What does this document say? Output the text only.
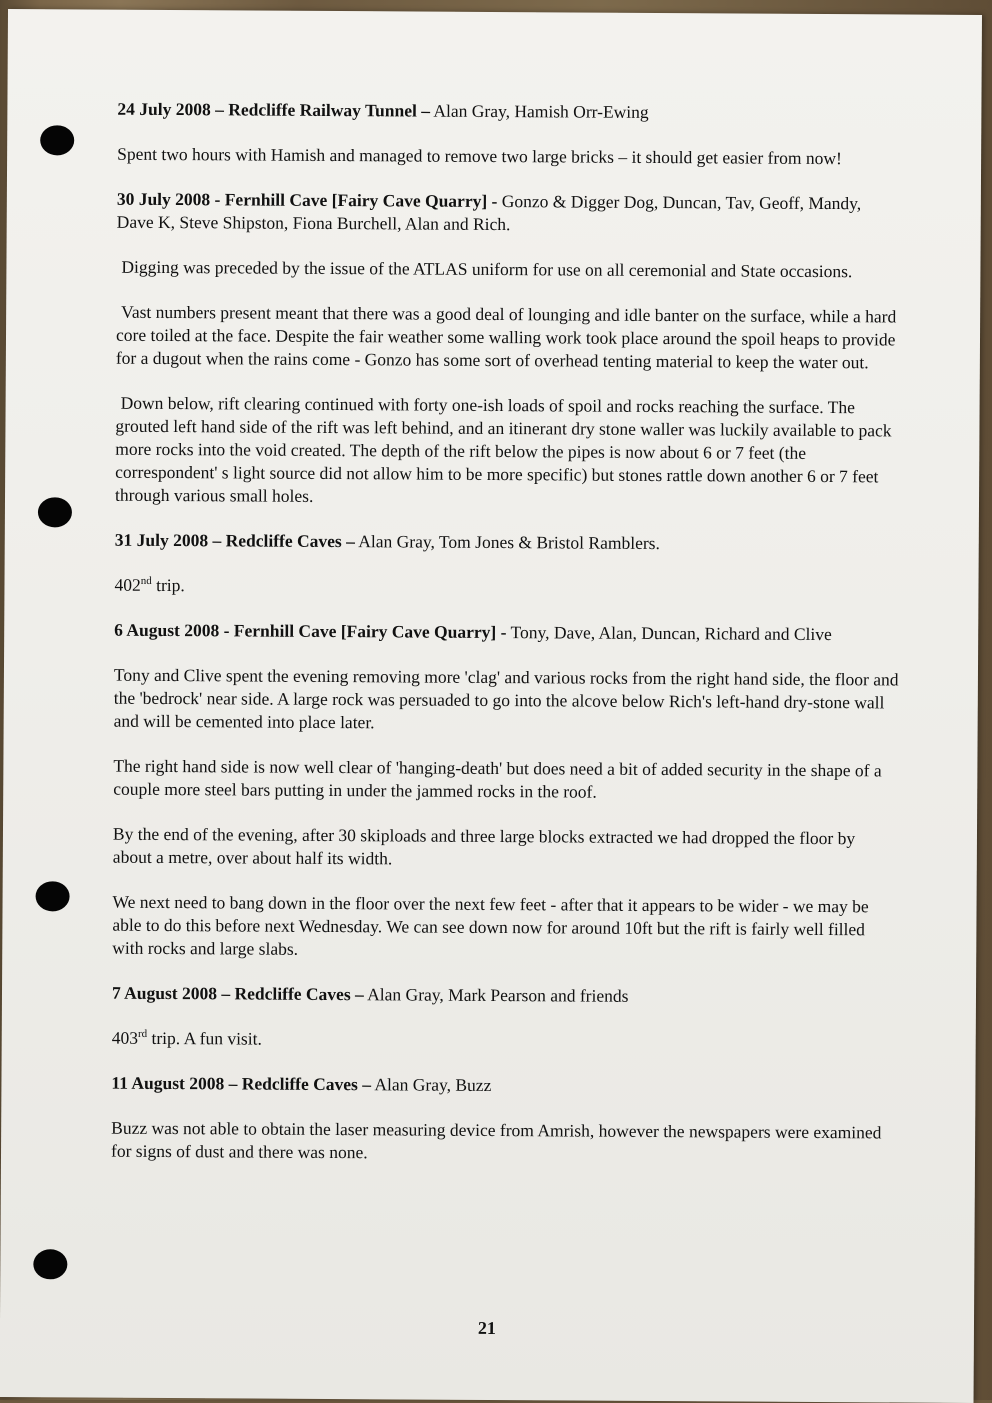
24 July 2008 – Redcliffe Railway Tunnel – Alan Gray, Hamish Orr-Ewing

Spent two hours with Hamish and managed to remove two large bricks – it should get easier from now!

30 July 2008 - Fernhill Cave [Fairy Cave Quarry] - Gonzo & Digger Dog, Duncan, Tav, Geoff, Mandy, Dave K, Steve Shipston, Fiona Burchell, Alan and Rich.

Digging was preceded by the issue of the ATLAS uniform for use on all ceremonial and State occasions.

Vast numbers present meant that there was a good deal of lounging and idle banter on the surface, while a hard core toiled at the face. Despite the fair weather some walling work took place around the spoil heaps to provide for a dugout when the rains come - Gonzo has some sort of overhead tenting material to keep the water out.

Down below, rift clearing continued with forty one-ish loads of spoil and rocks reaching the surface. The grouted left hand side of the rift was left behind, and an itinerant dry stone waller was luckily available to pack more rocks into the void created. The depth of the rift below the pipes is now about 6 or 7 feet (the correspondent' s light source did not allow him to be more specific) but stones rattle down another 6 or 7 feet through various small holes.

31 July 2008 – Redcliffe Caves – Alan Gray, Tom Jones & Bristol Ramblers.

402nd trip.

6 August 2008 - Fernhill Cave [Fairy Cave Quarry] - Tony, Dave, Alan, Duncan, Richard and Clive

Tony and Clive spent the evening removing more 'clag' and various rocks from the right hand side, the floor and the 'bedrock' near side. A large rock was persuaded to go into the alcove below Rich's left-hand dry-stone wall and will be cemented into place later.

The right hand side is now well clear of 'hanging-death' but does need a bit of added security in the shape of a couple more steel bars putting in under the jammed rocks in the roof.

By the end of the evening, after 30 skiploads and three large blocks extracted we had dropped the floor by about a metre, over about half its width.

We next need to bang down in the floor over the next few feet - after that it appears to be wider - we may be able to do this before next Wednesday. We can see down now for around 10ft but the rift is fairly well filled with rocks and large slabs.

7 August 2008 – Redcliffe Caves – Alan Gray, Mark Pearson and friends

403rd trip. A fun visit.

11 August 2008 – Redcliffe Caves – Alan Gray, Buzz

Buzz was not able to obtain the laser measuring device from Amrish, however the newspapers were examined for signs of dust and there was none.

21
